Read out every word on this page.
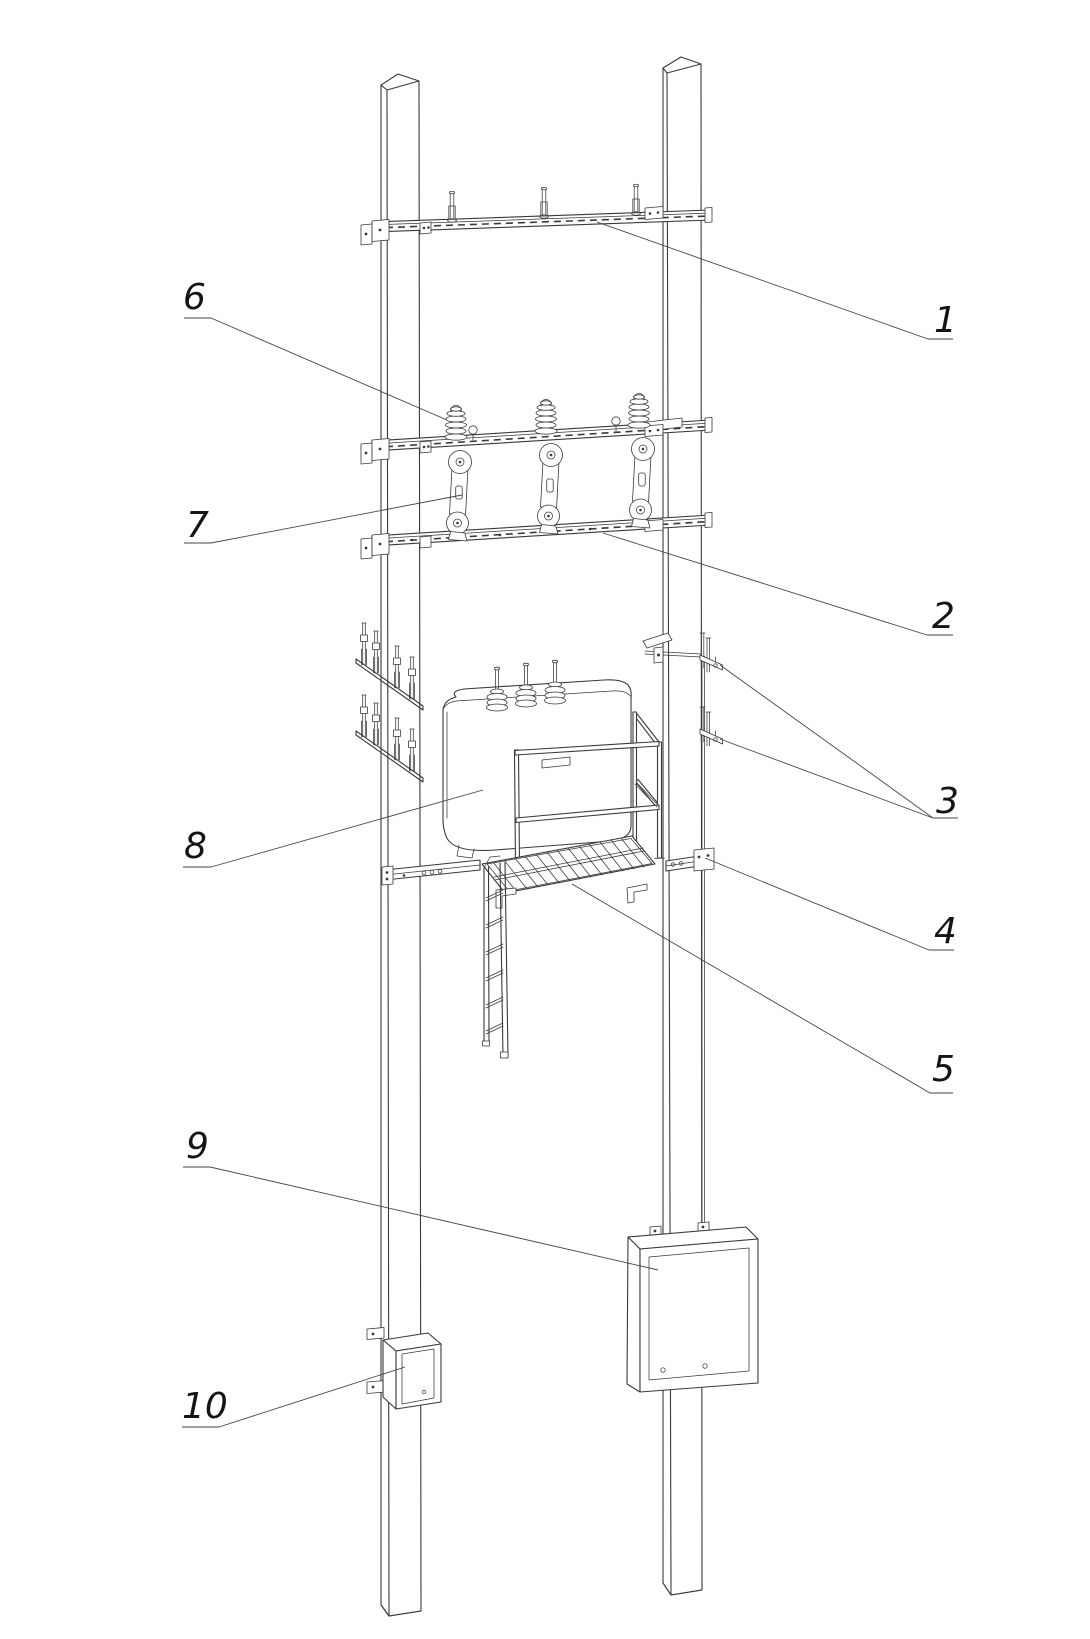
1
2
3
4
5
6
7
8
9
10
